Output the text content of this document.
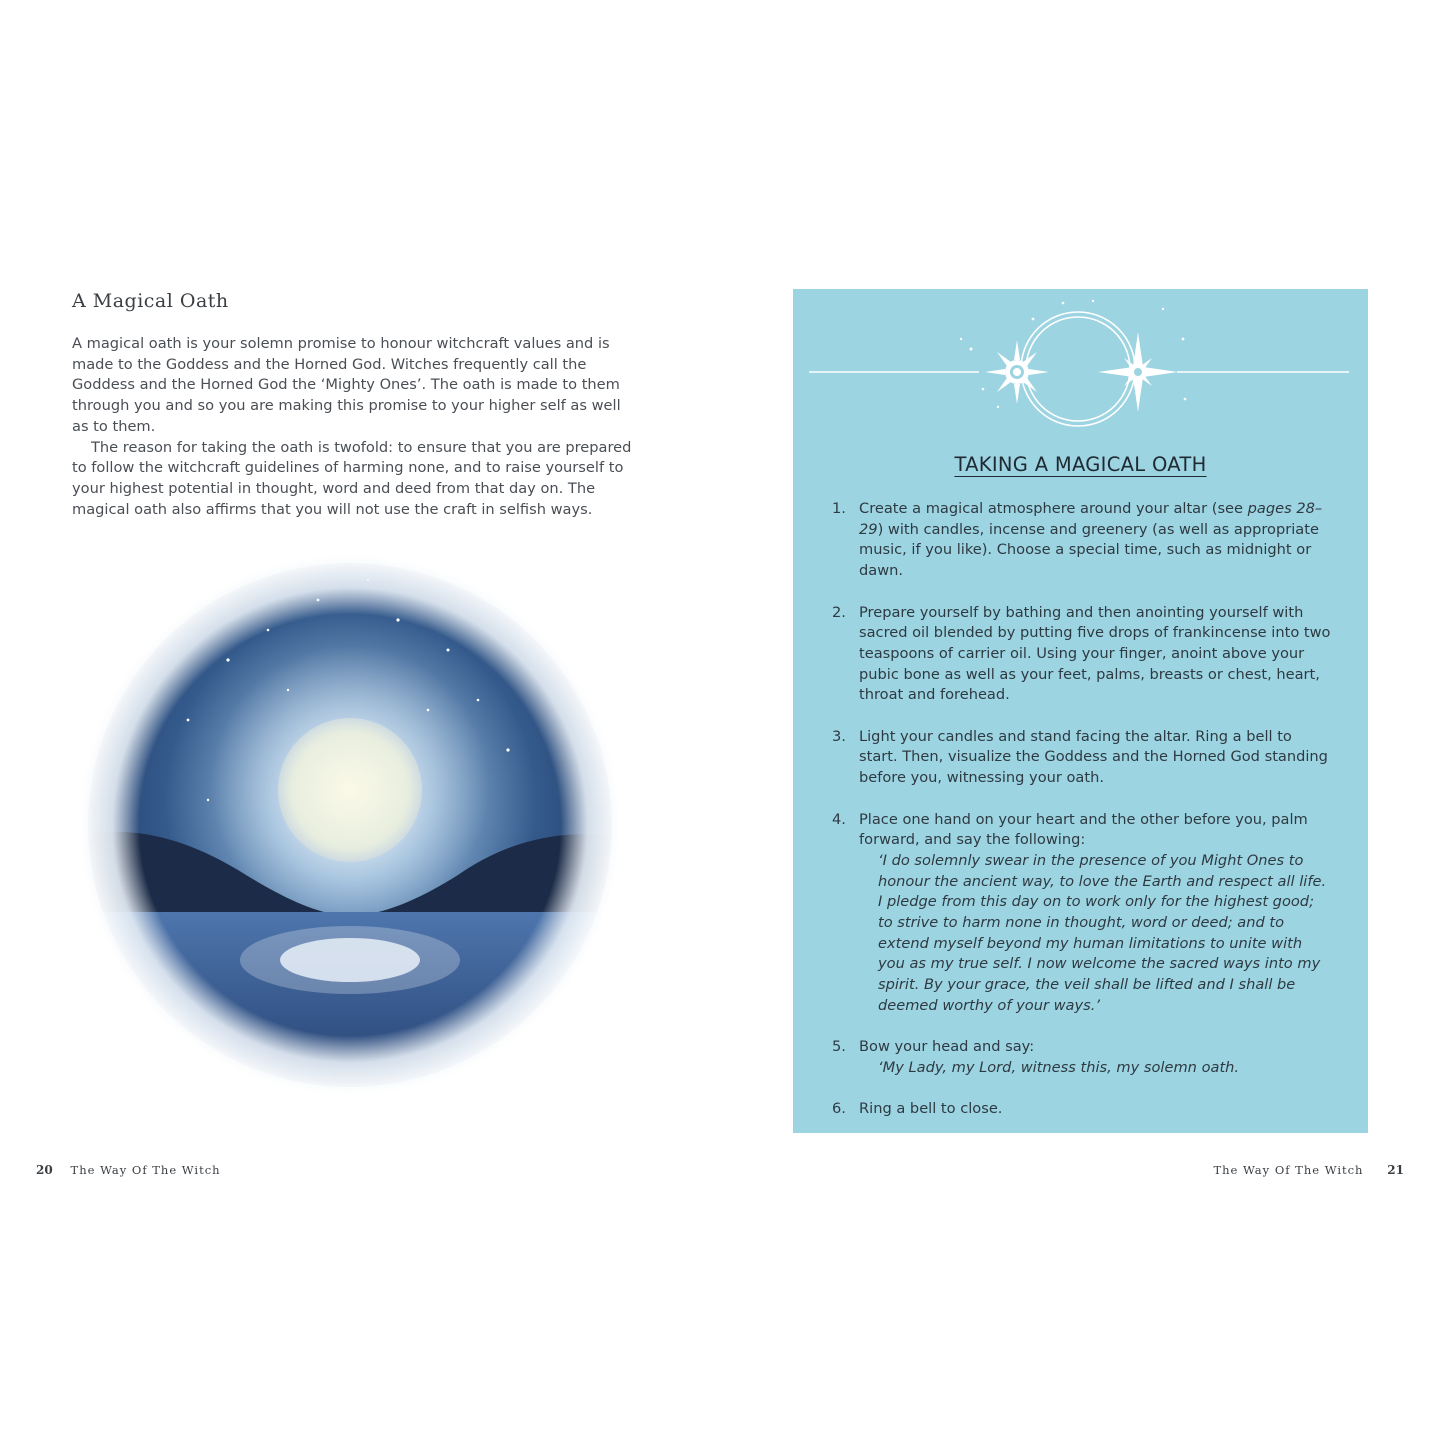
A Magical Oath

A magical oath is your solemn promise to honour witchcraft values and is made to the Goddess and the Horned God. Witches frequently call the Goddess and the Horned God the ‘Mighty Ones’. The oath is made to them through you and so you are making this promise to your higher self as well as to them.

The reason for taking the oath is twofold: to ensure that you are prepared to follow the witchcraft guidelines of harming none, and to raise yourself to your highest potential in thought, word and deed from that day on. The magical oath also affirms that you will not use the craft in selfish ways.

20 The Way Of The Witch
TAKING A MAGICAL OATH
1. Create a magical atmosphere around your altar (see pages 28–29) with candles, incense and greenery (as well as appropriate music, if you like). Choose a special time, such as midnight or dawn.
2. Prepare yourself by bathing and then anointing yourself with sacred oil blended by putting five drops of frankincense into two teaspoons of carrier oil. Using your finger, anoint above your pubic bone as well as your feet, palms, breasts or chest, heart, throat and forehead.
3. Light your candles and stand facing the altar. Ring a bell to start. Then, visualize the Goddess and the Horned God standing before you, witnessing your oath.
4. Place one hand on your heart and the other before you, palm forward, and say the following:
‘I do solemnly swear in the presence of you Might Ones to honour the ancient way, to love the Earth and respect all life. I pledge from this day on to work only for the highest good; to strive to harm none in thought, word or deed; and to extend myself beyond my human limitations to unite with you as my true self. I now welcome the sacred ways into my spirit. By your grace, the veil shall be lifted and I shall be deemed worthy of your ways.’
5. Bow your head and say:
‘My Lady, my Lord, witness this, my solemn oath.
6. Ring a bell to close.
The Way Of The Witch 21
